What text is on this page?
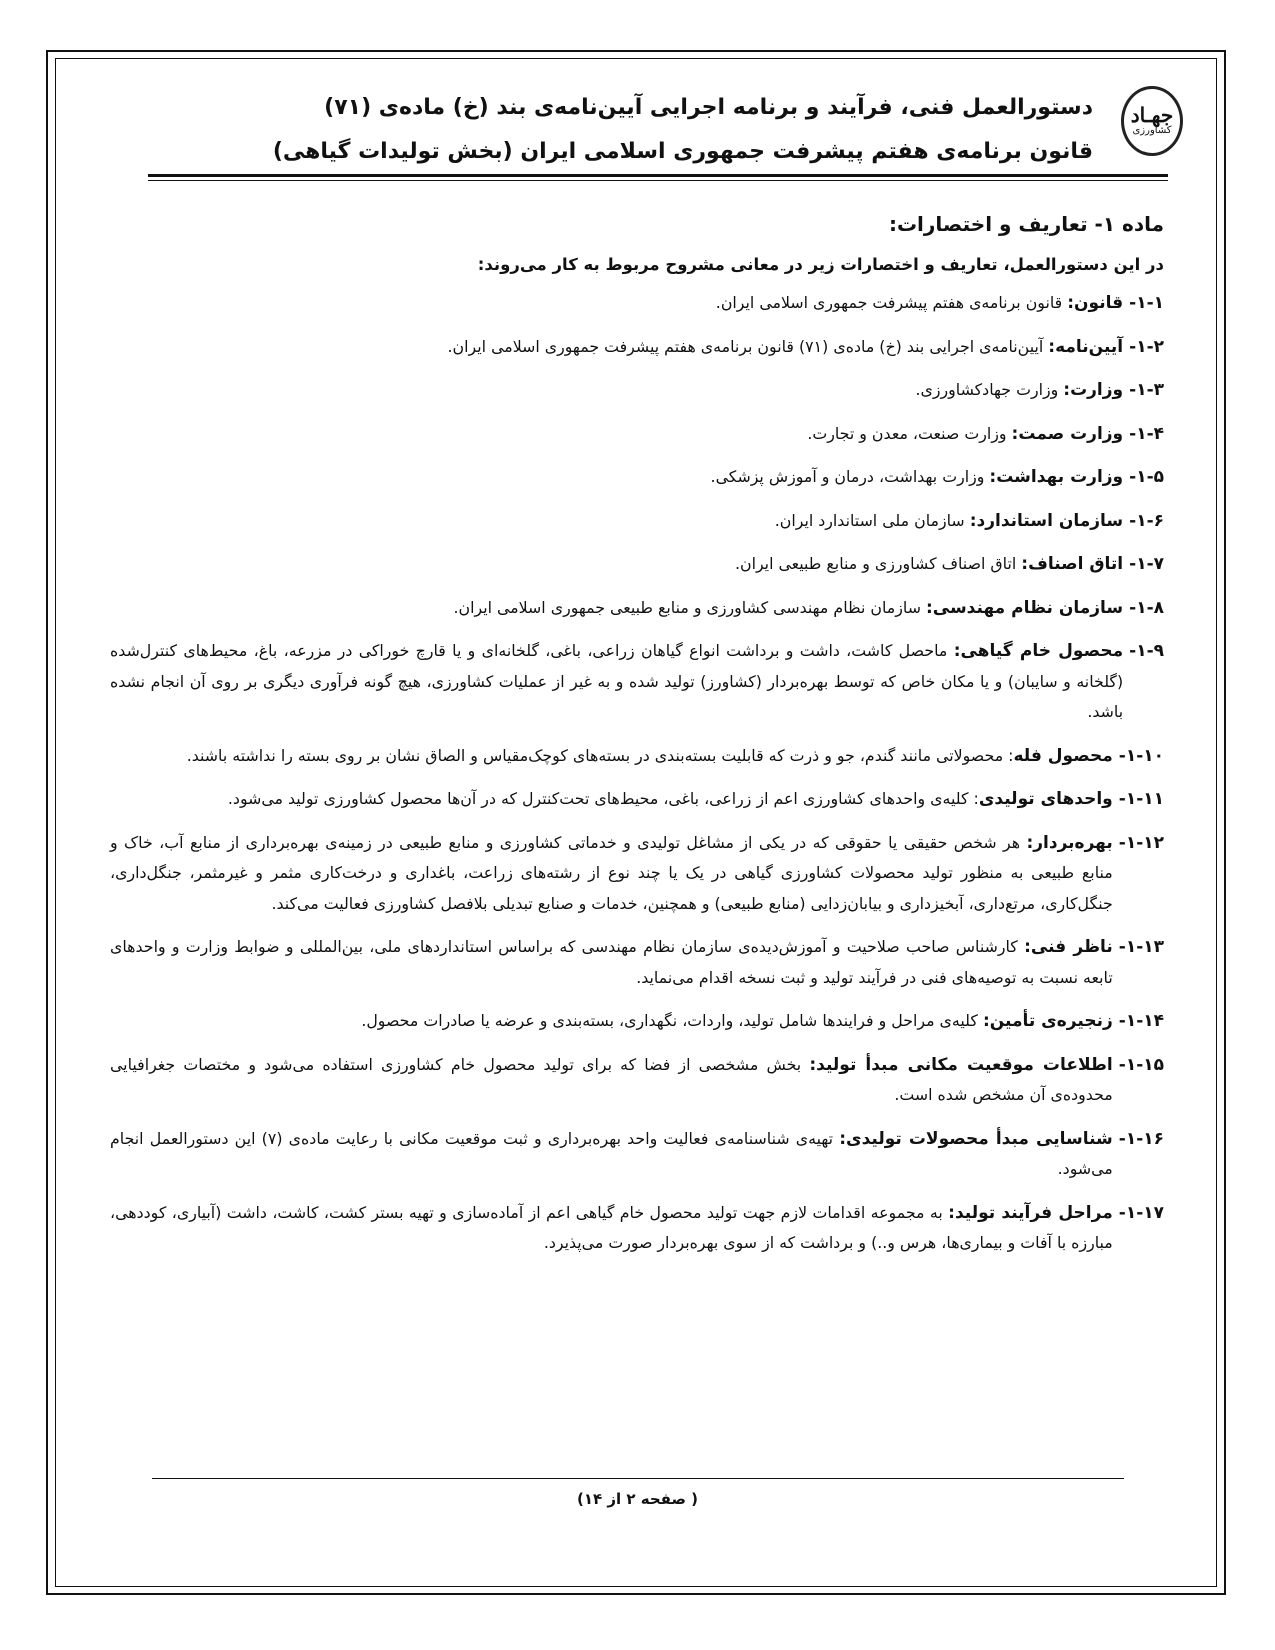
جهـاد
کشاورزی
دستورالعمل فنی، فرآیند و برنامه اجرایی آیین‌نامه‌ی بند (خ) ماده‌ی (۷۱)
قانون برنامه‌ی هفتم پیشرفت جمهوری اسلامی ایران (بخش تولیدات گیاهی)
ماده ۱- تعاریف و اختصارات:
در این دستورالعمل، تعاریف و اختصارات زیر در معانی مشروح مربوط به کار می‌روند:
۱-۱-
قانون: قانون برنامه‌ی هفتم پیشرفت جمهوری اسلامی ایران.
۱-۲-
آیین‌نامه: آیین‌نامه‌ی اجرایی بند (خ) ماده‌ی (۷۱) قانون برنامه‌ی هفتم پیشرفت جمهوری اسلامی ایران.
۱-۳-
وزارت: وزارت جهادکشاورزی.
۱-۴-
وزارت صمت: وزارت صنعت، معدن و تجارت.
۱-۵-
وزارت بهداشت: وزارت بهداشت، درمان و آموزش پزشکی.
۱-۶-
سازمان استاندارد: سازمان ملی استاندارد ایران.
۱-۷-
اتاق اصناف: اتاق اصناف کشاورزی و منابع طبیعی ایران.
۱-۸-
سازمان نظام مهندسی: سازمان نظام مهندسی کشاورزی و منابع طبیعی جمهوری اسلامی ایران.
۱-۹-
محصول خام گیاهی: ماحصل کاشت، داشت و برداشت انواع گیاهان زراعی، باغی، گلخانه‌ای و یا قارچ خوراکی در مزرعه، باغ، محیط‌های کنترل‌شده (گلخانه و سایبان) و یا مکان خاص که توسط بهره‌بردار (کشاورز) تولید شده و به غیر از عملیات کشاورزی، هیچ گونه فرآوری دیگری بر روی آن انجام نشده باشد.
۱-۱۰-
محصول فله: محصولاتی مانند گندم، جو و ذرت که قابلیت بسته‌بندی در بسته‌های کوچک‌مقیاس و الصاق نشان بر روی بسته را نداشته باشند.
۱-۱۱-
واحدهای تولیدی: کلیه‌ی واحدهای کشاورزی اعم از زراعی، باغی، محیط‌های تحت‌کنترل که در آن‌ها محصول کشاورزی تولید می‌شود.
۱-۱۲-
بهره‌بردار: هر شخص حقیقی یا حقوقی که در یکی از مشاغل تولیدی و خدماتی کشاورزی و منابع طبیعی در زمینه‌ی بهره‌برداری از منابع آب، خاک و منابع طبیعی به منظور تولید محصولات کشاورزی گیاهی در یک یا چند نوع از رشته‌های زراعت، باغداری و درخت‌کاری مثمر و غیرمثمر، جنگل‌داری، جنگل‌کاری، مرتع‌داری، آبخیزداری و بیابان‌زدایی (منابع طبیعی) و همچنین، خدمات و صنایع تبدیلی بلافصل کشاورزی فعالیت می‌کند.
۱-۱۳-
ناظر فنی: کارشناس صاحب صلاحیت و آموزش‌دیده‌ی سازمان نظام مهندسی که براساس استانداردهای ملی، بین‌المللی و ضوابط وزارت و واحدهای تابعه نسبت به توصیه‌های فنی در فرآیند تولید و ثبت نسخه اقدام می‌نماید.
۱-۱۴-
زنجیره‌ی تأمین: کلیه‌ی مراحل و فرایندها شامل تولید، واردات، نگهداری، بسته‌بندی و عرضه یا صادرات محصول.
۱-۱۵-
اطلاعات موقعیت مکانی مبدأ تولید: بخش مشخصی از فضا که برای تولید محصول خام کشاورزی استفاده می‌شود و مختصات جغرافیایی محدوده‌ی آن مشخص شده است.
۱-۱۶-
شناسایی مبدأ محصولات تولیدی: تهیه‌ی شناسنامه‌ی فعالیت واحد بهره‌برداری و ثبت موقعیت مکانی با رعایت ماده‌ی (۷) این دستورالعمل انجام می‌شود.
۱-۱۷-
مراحل فرآیند تولید: به مجموعه اقدامات لازم جهت تولید محصول خام گیاهی اعم از آماده‌سازی و تهیه بستر کشت، کاشت، داشت (آبیاری، کوددهی، مبارزه با آفات و بیماری‌ها، هرس و..) و برداشت که از سوی بهره‌بردار صورت می‌پذیرد.
( صفحه ۲ از ۱۴)
